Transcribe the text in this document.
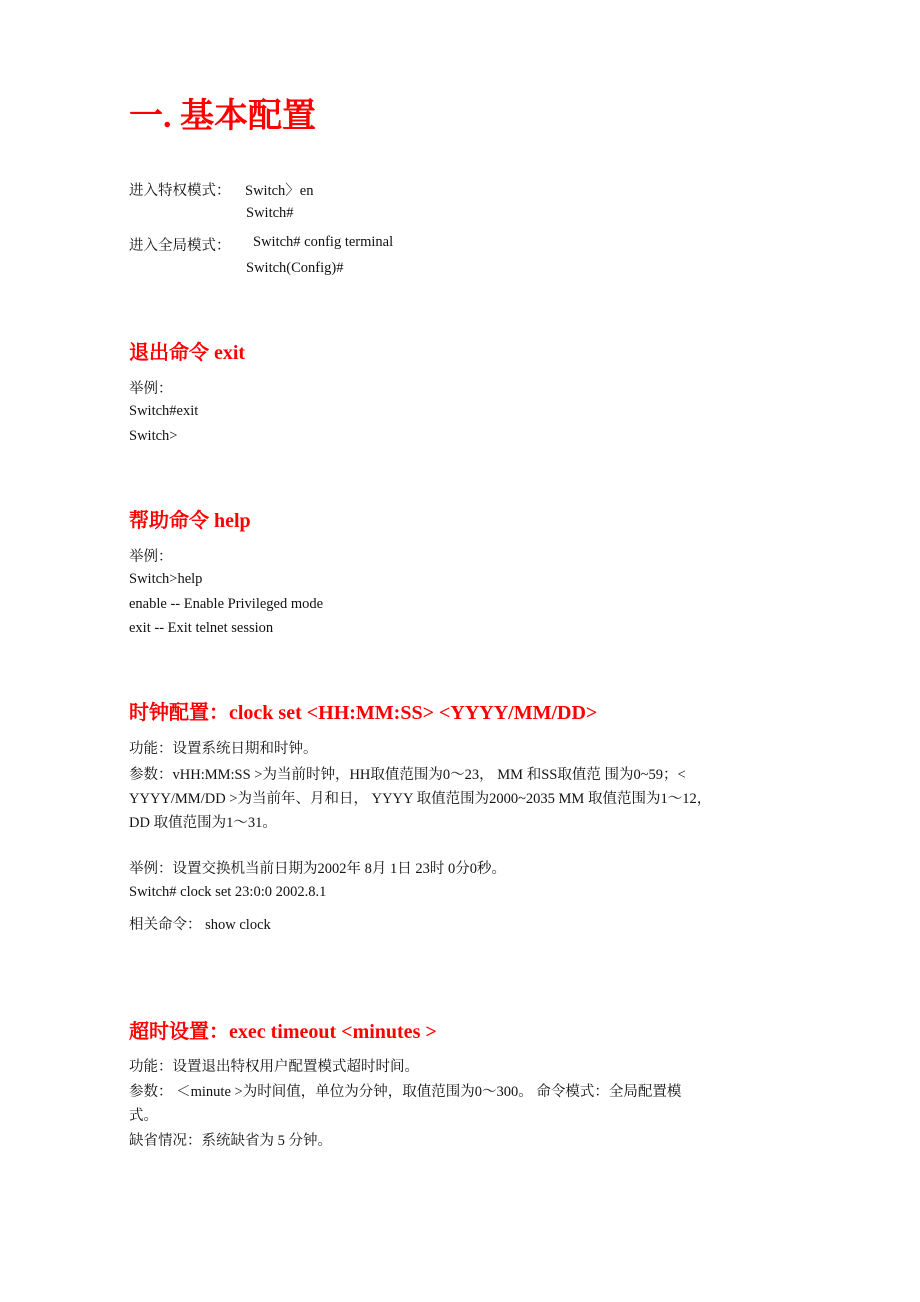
一. 基本配置
进入特权模式： Switch〉en
Switch#
进入全局模式： Switch# config terminal
Switch(Config)#
退出命令 exit
举例：
Switch#exit
Switch>
帮助命令 help
举例：
Switch>help
enable -- Enable Privileged mode
exit -- Exit telnet session
时钟配置：clock set <HH:MM:SS> <YYYY/MM/DD>
功能：设置系统日期和时钟。
参数：vHH:MM:SS >为当前时钟，HH取值范围为0〜23， MM 和SS取值范 围为0~59；<
YYYY/MM/DD >为当前年、月和日， YYYY 取值范围为2000~2035 MM 取值范围为1〜12，
DD 取值范围为1〜31。
举例：设置交换机当前日期为2002年 8月 1日 23时 0分0秒。
Switch# clock set 23:0:0 2002.8.1
相关命令： show clock
超时设置：exec timeout <minutes >
功能：设置退出特权用户配置模式超时时间。
参数： ＜minute >为时间值，单位为分钟，取值范围为0〜300。 命令模式：全局配置模
式。
缺省情况：系统缺省为 5 分钟。
